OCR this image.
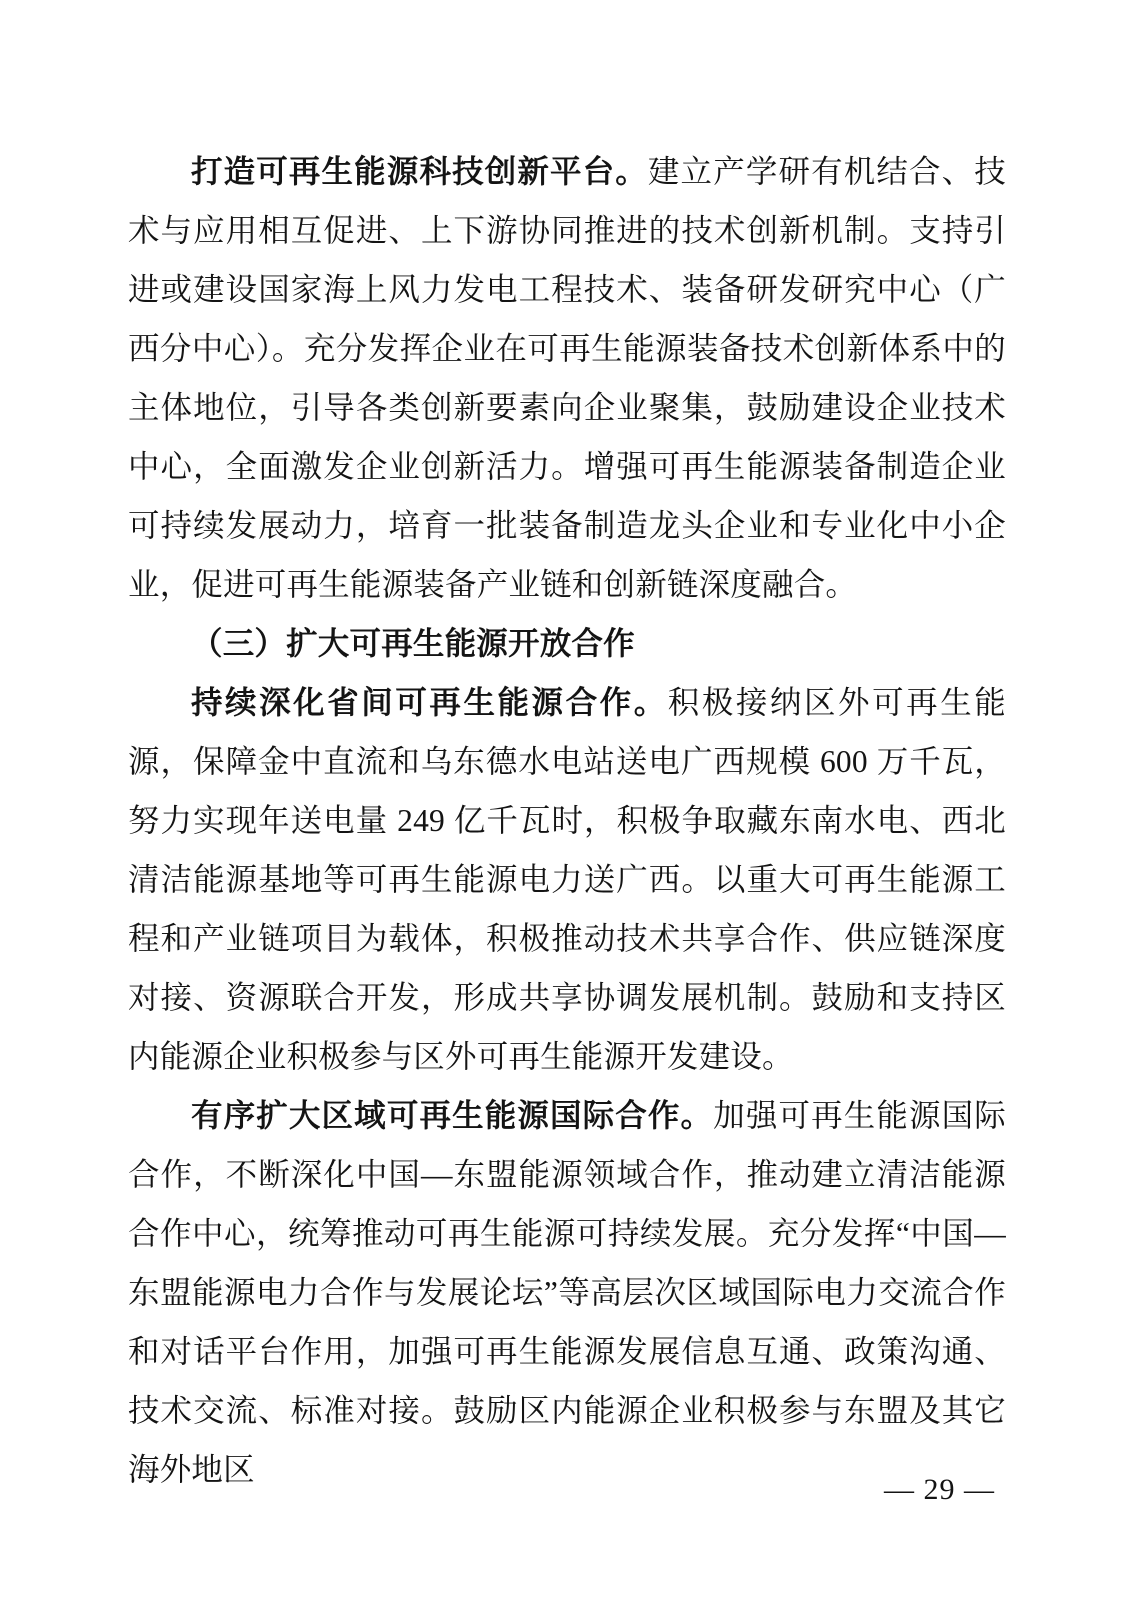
打造可再生能源科技创新平台。建立产学研有机结合、技术与应用相互促进、上下游协同推进的技术创新机制。支持引进或建设国家海上风力发电工程技术、装备研发研究中心（广西分中心）。充分发挥企业在可再生能源装备技术创新体系中的主体地位，引导各类创新要素向企业聚集，鼓励建设企业技术中心，全面激发企业创新活力。增强可再生能源装备制造企业可持续发展动力，培育一批装备制造龙头企业和专业化中小企业，促进可再生能源装备产业链和创新链深度融合。

（三）扩大可再生能源开放合作

持续深化省间可再生能源合作。积极接纳区外可再生能源，保障金中直流和乌东德水电站送电广西规模 600 万千瓦，努力实现年送电量 249 亿千瓦时，积极争取藏东南水电、西北清洁能源基地等可再生能源电力送广西。以重大可再生能源工程和产业链项目为载体，积极推动技术共享合作、供应链深度对接、资源联合开发，形成共享协调发展机制。鼓励和支持区内能源企业积极参与区外可再生能源开发建设。

有序扩大区域可再生能源国际合作。加强可再生能源国际合作，不断深化中国—东盟能源领域合作，推动建立清洁能源合作中心，统筹推动可再生能源可持续发展。充分发挥“中国—东盟能源电力合作与发展论坛”等高层次区域国际电力交流合作和对话平台作用，加强可再生能源发展信息互通、政策沟通、技术交流、标准对接。鼓励区内能源企业积极参与东盟及其它海外地区

— 29 —
